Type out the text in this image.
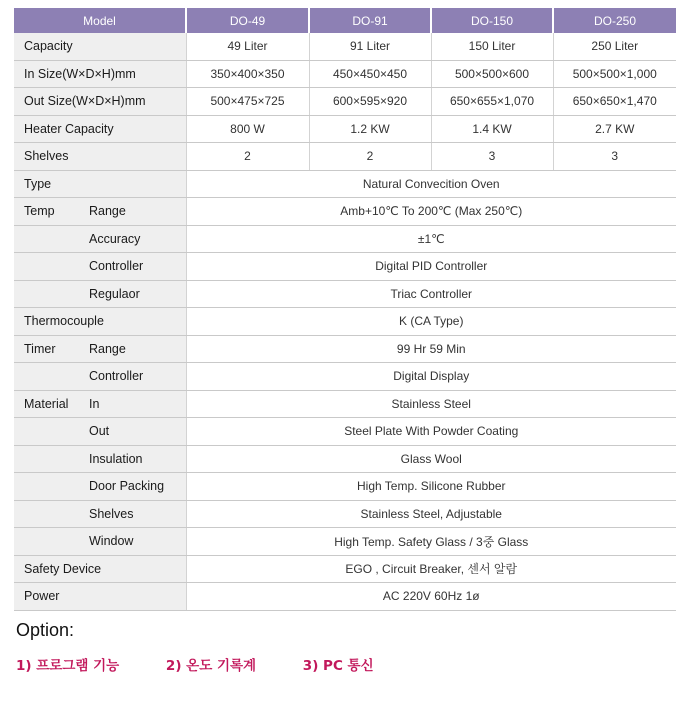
Model		DO-49	DO-91	DO-150	DO-250
Capacity		49 Liter	91 Liter	150 Liter	250 Liter
In Size(W×D×H)mm		350×400×350	450×450×450	500×500×600	500×500×1,000
Out Size(W×D×H)mm		500×475×725	600×595×920	650×655×1,070	650×650×1,470
Heater Capacity		800 W	1.2 KW	1.4 KW	2.7 KW
Shelves		2	2	3	3
Type		Natural Convecition Oven			
Temp	Range	Amb+10℃ To 200℃ (Max 250℃)			
	Accuracy	±1℃			
	Controller	Digital PID Controller			
	Regulaor	Triac Controller			
Thermocouple		K (CA Type)			
Timer	Range	99 Hr 59 Min			
	Controller	Digital Display			
Material	In	Stainless Steel			
	Out	Steel Plate With Powder Coating			
	Insulation	Glass Wool			
	Door Packing	High Temp. Silicone Rubber			
	Shelves	Stainless Steel, Adjustable			
	Window	High Temp. Safety Glass / 3중 Glass			
Safety Device		EGO , Circuit Breaker, 센서 알람			
Power		AC 220V 60Hz 1ø			
Option:
1) 프로그램 기능	2) 온도 기록계	3) PC 통신
